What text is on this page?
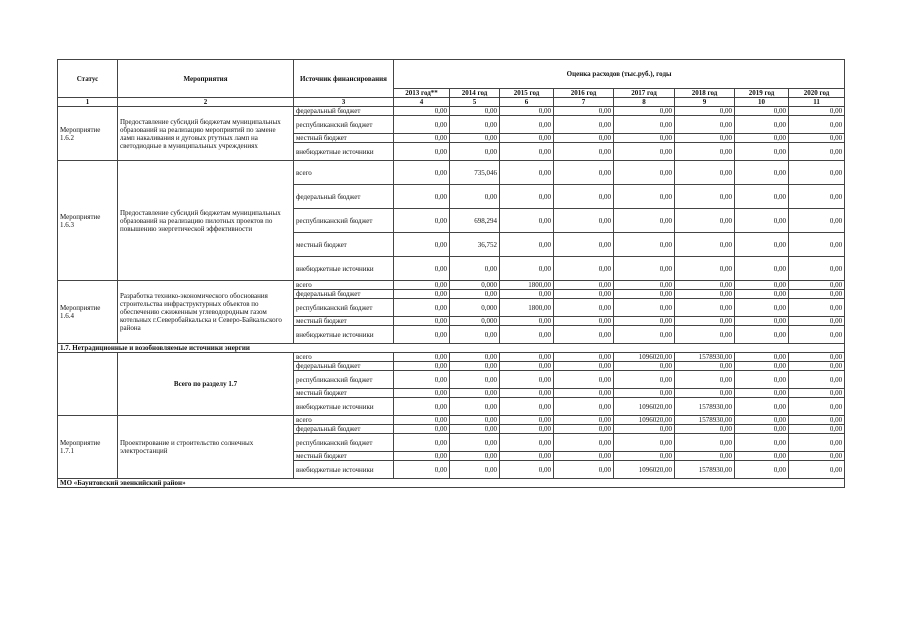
Статус	Мероприятия	Источник финансирования	Оценка расходов (тыс.руб.), годы							
			2013 год**	2014 год	2015 год	2016 год	2017 год	2018 год	2019 год	2020 год
1	2	3	4	5	6	7	8	9	10	11
Мероприятие 1.6.2	Предоставление субсидий бюджетам муниципальных образований на реализацию мероприятий по замене ламп накаливания и дуговых ртутных ламп на светодиодные в муниципальных учреждениях	федеральный бюджет	0,00	0,00	0,00	0,00	0,00	0,00	0,00	0,00
		республиканский бюджет	0,00	0,00	0,00	0,00	0,00	0,00	0,00	0,00
		местный бюджет	0,00	0,00	0,00	0,00	0,00	0,00	0,00	0,00
		внебюджетные источники	0,00	0,00	0,00	0,00	0,00	0,00	0,00	0,00
Мероприятие 1.6.3	Предоставление субсидий бюджетам муниципальных образований на реализацию пилотных проектов по повышению энергетической эффективности	всего	0,00	735,046	0,00	0,00	0,00	0,00	0,00	0,00
		федеральный бюджет	0,00	0,00	0,00	0,00	0,00	0,00	0,00	0,00
		республиканский бюджет	0,00	698,294	0,00	0,00	0,00	0,00	0,00	0,00
		местный бюджет	0,00	36,752	0,00	0,00	0,00	0,00	0,00	0,00
		внебюджетные источники	0,00	0,00	0,00	0,00	0,00	0,00	0,00	0,00
Мероприятие 1.6.4	Разработка технико-экономического обоснования строительства инфраструктурных объектов по обеспечению сжиженным углеводородным газом котельных г.Северобайкальска и Северо-Байкальского района	всего	0,00	0,000	1800,00	0,00	0,00	0,00	0,00	0,00
		федеральный бюджет	0,00	0,00	0,00	0,00	0,00	0,00	0,00	0,00
		республиканский бюджет	0,00	0,000	1800,00	0,00	0,00	0,00	0,00	0,00
		местный бюджет	0,00	0,000	0,00	0,00	0,00	0,00	0,00	0,00
		внебюджетные источники	0,00	0,00	0,00	0,00	0,00	0,00	0,00	0,00
1.7. Нетрадиционные и возобновляемые источники энергии										
	Всего по разделу 1.7	всего	0,00	0,00	0,00	0,00	1096020,00	1578930,00	0,00	0,00
		федеральный бюджет	0,00	0,00	0,00	0,00	0,00	0,00	0,00	0,00
		республиканский бюджет	0,00	0,00	0,00	0,00	0,00	0,00	0,00	0,00
		местный бюджет	0,00	0,00	0,00	0,00	0,00	0,00	0,00	0,00
		внебюджетные источники	0,00	0,00	0,00	0,00	1096020,00	1578930,00	0,00	0,00
Мероприятие 1.7.1	Проектирование и строительство солнечных электростанций	всего	0,00	0,00	0,00	0,00	1096020,00	1578930,00	0,00	0,00
		федеральный бюджет	0,00	0,00	0,00	0,00	0,00	0,00	0,00	0,00
		республиканский бюджет	0,00	0,00	0,00	0,00	0,00	0,00	0,00	0,00
		местный бюджет	0,00	0,00	0,00	0,00	0,00	0,00	0,00	0,00
		внебюджетные источники	0,00	0,00	0,00	0,00	1096020,00	1578930,00	0,00	0,00
МО «Баунтовский эвенкийский район»										
